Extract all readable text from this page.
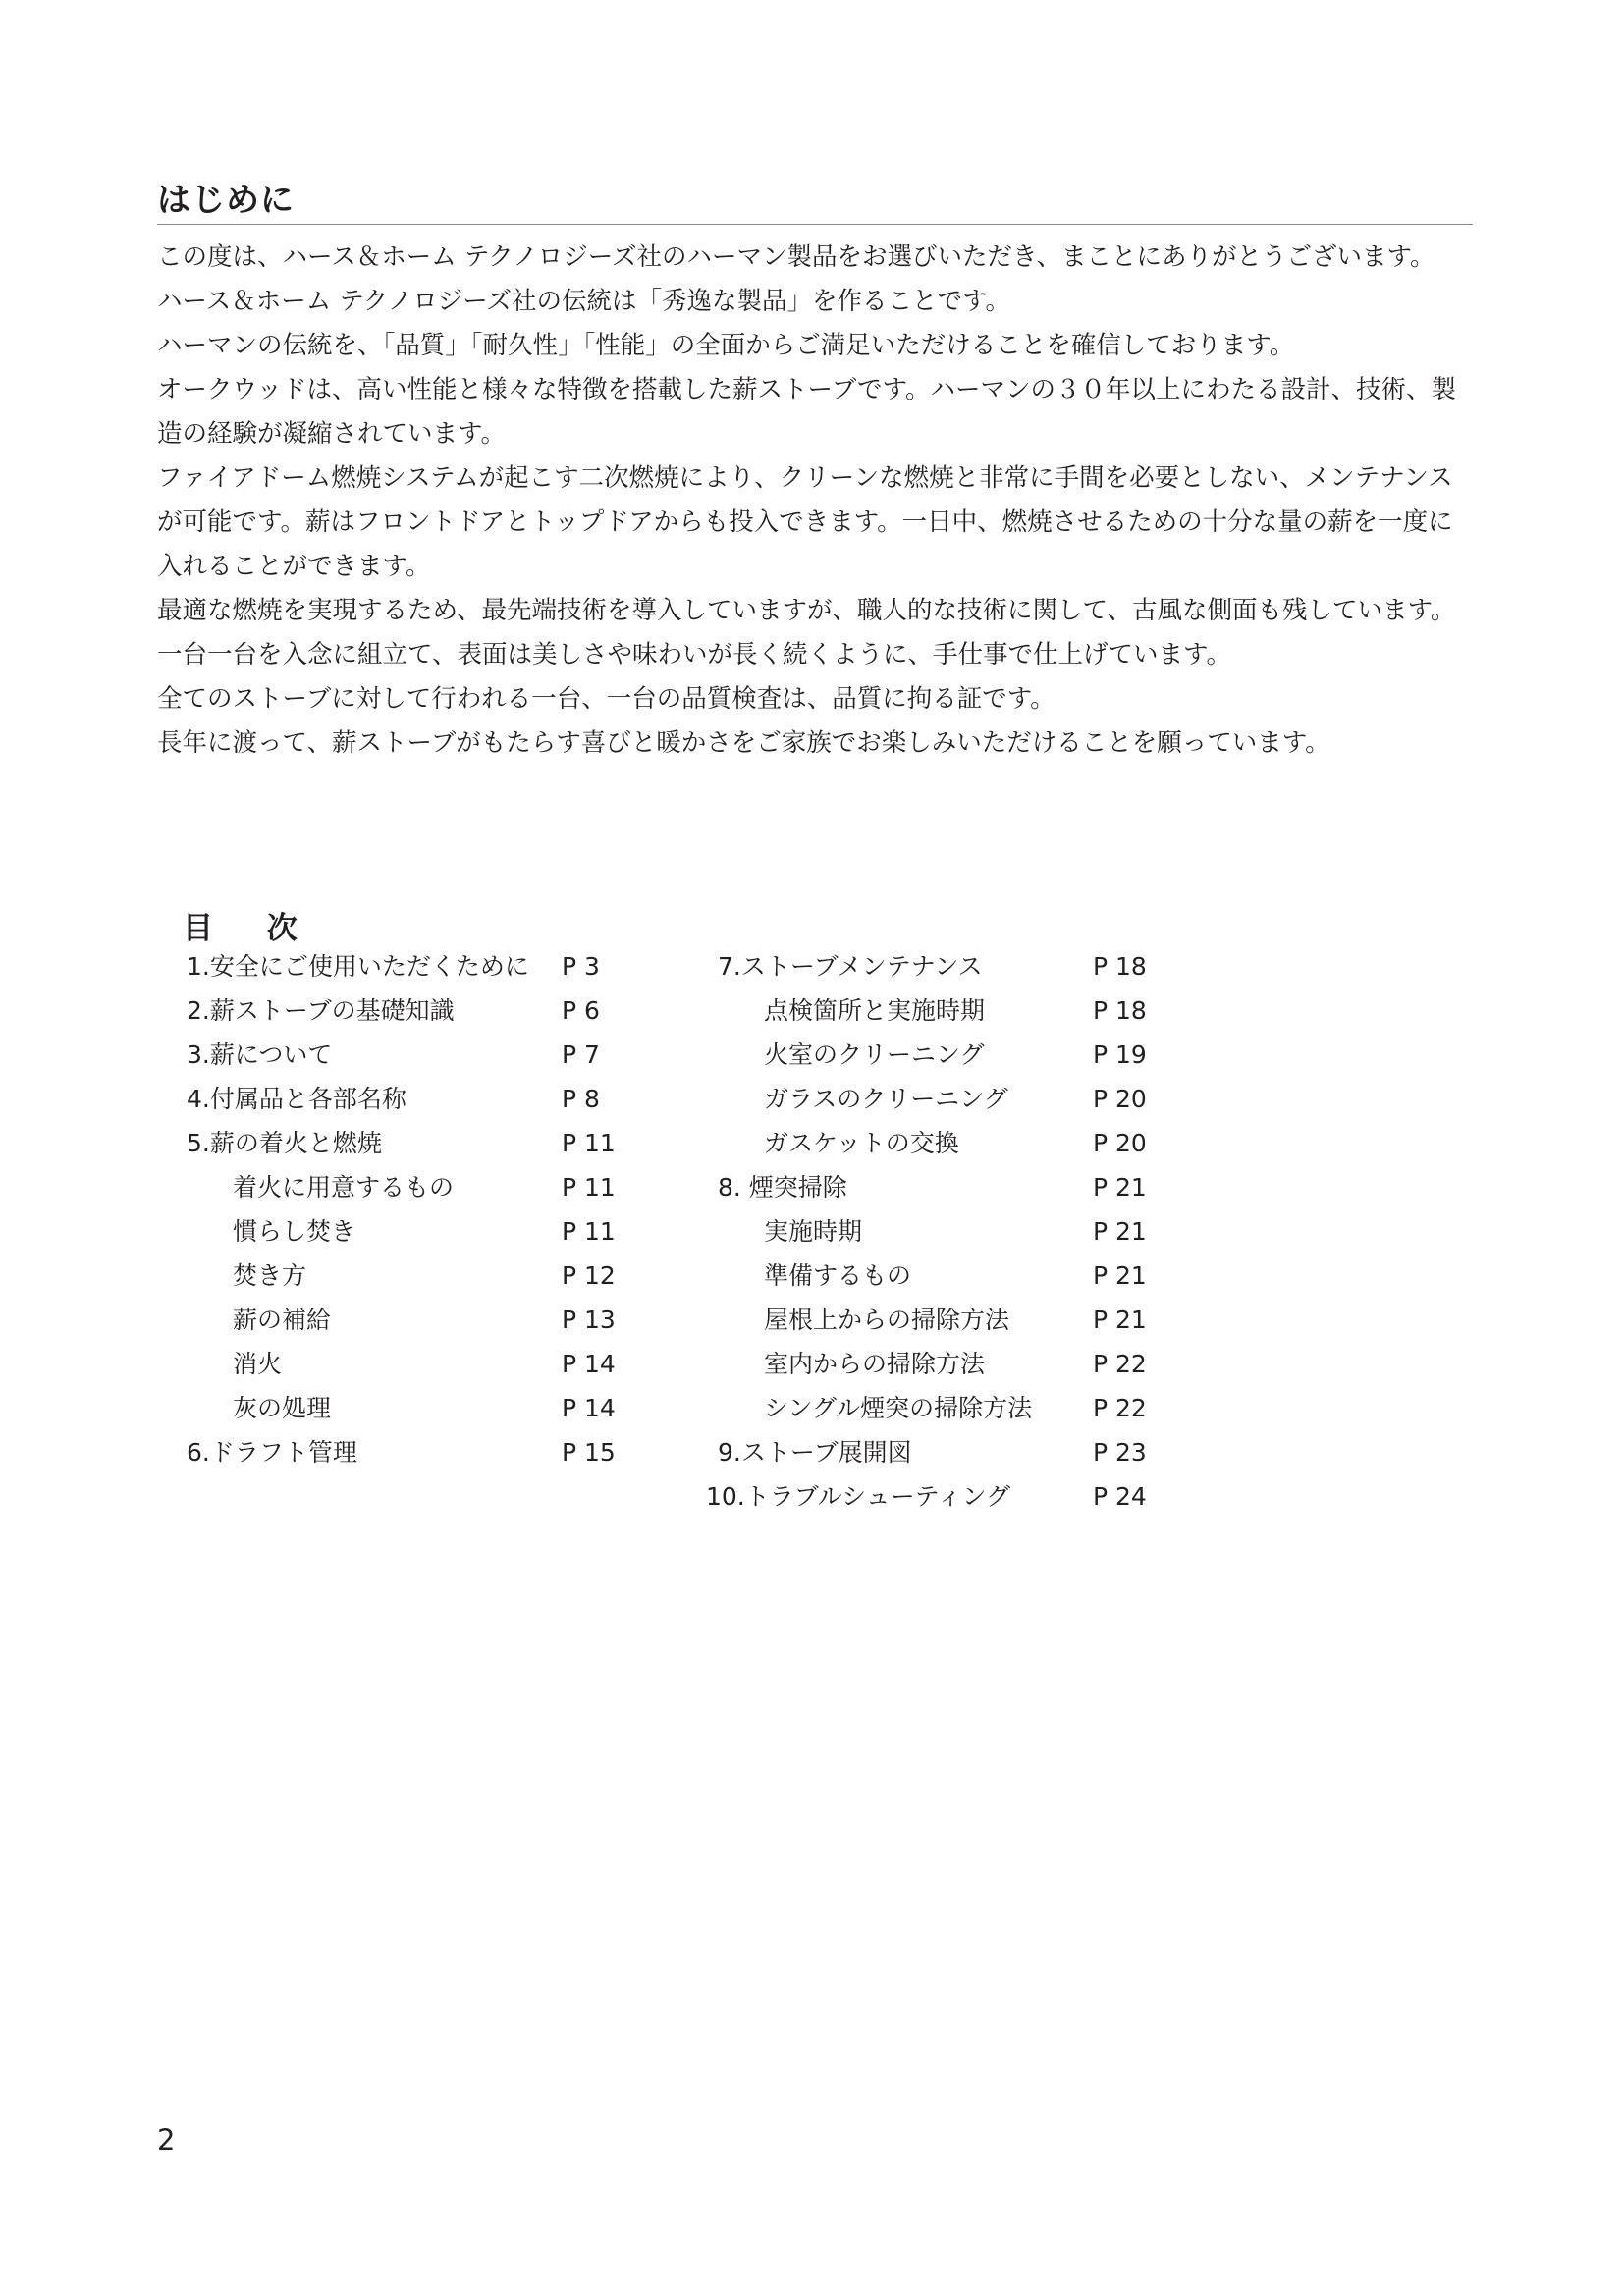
はじめに
この度は、ハース＆ホーム テクノロジーズ社のハーマン製品をお選びいただき、まことにありがとうございます。
ハース＆ホーム テクノロジーズ社の伝統は「秀逸な製品」を作ることです。
ハーマンの伝統を、「品質」「耐久性」「性能」の全面からご満足いただけることを確信しております。
オークウッドは、高い性能と様々な特徴を搭載した薪ストーブです。ハーマンの３０年以上にわたる設計、技術、製
造の経験が凝縮されています。
ファイアドーム燃焼システムが起こす二次燃焼により、クリーンな燃焼と非常に手間を必要としない、メンテナンス
が可能です。薪はフロントドアとトップドアからも投入できます。一日中、燃焼させるための十分な量の薪を一度に
入れることができます。
最適な燃焼を実現するため、最先端技術を導入していますが、職人的な技術に関して、古風な側面も残しています。
一台一台を入念に組立て、表面は美しさや味わいが長く続くように、手仕事で仕上げています。
全てのストーブに対して行われる一台、一台の品質検査は、品質に拘る証です。
長年に渡って、薪ストーブがもたらす喜びと暖かさをご家族でお楽しみいただけることを願っています。
目 次
1.安全にご使用いただくために P 3
2.薪ストーブの基礎知識	P 6
3.薪について	P 7
4.付属品と各部名称	P 8
5.薪の着火と燃焼	P 11
着火に用意するもの	P 11
慣らし焚き	P 11
焚き方	P 12
薪の補給	P 13
消火	P 14
灰の処理	P 14
6.ドラフト管理	P 15
7.ストーブメンテナンス	P 18
点検箇所と実施時期	P 18
火室のクリーニング	P 19
ガラスのクリーニング	P 20
ガスケットの交換	P 20
8. 煙突掃除	P 21
実施時期	P 21
準備するもの	P 21
屋根上からの掃除方法	P 21
室内からの掃除方法	P 22
シングル煙突の掃除方法 P 22
9.ストーブ展開図	P 23
10.トラブルシューティング	P 24
2
